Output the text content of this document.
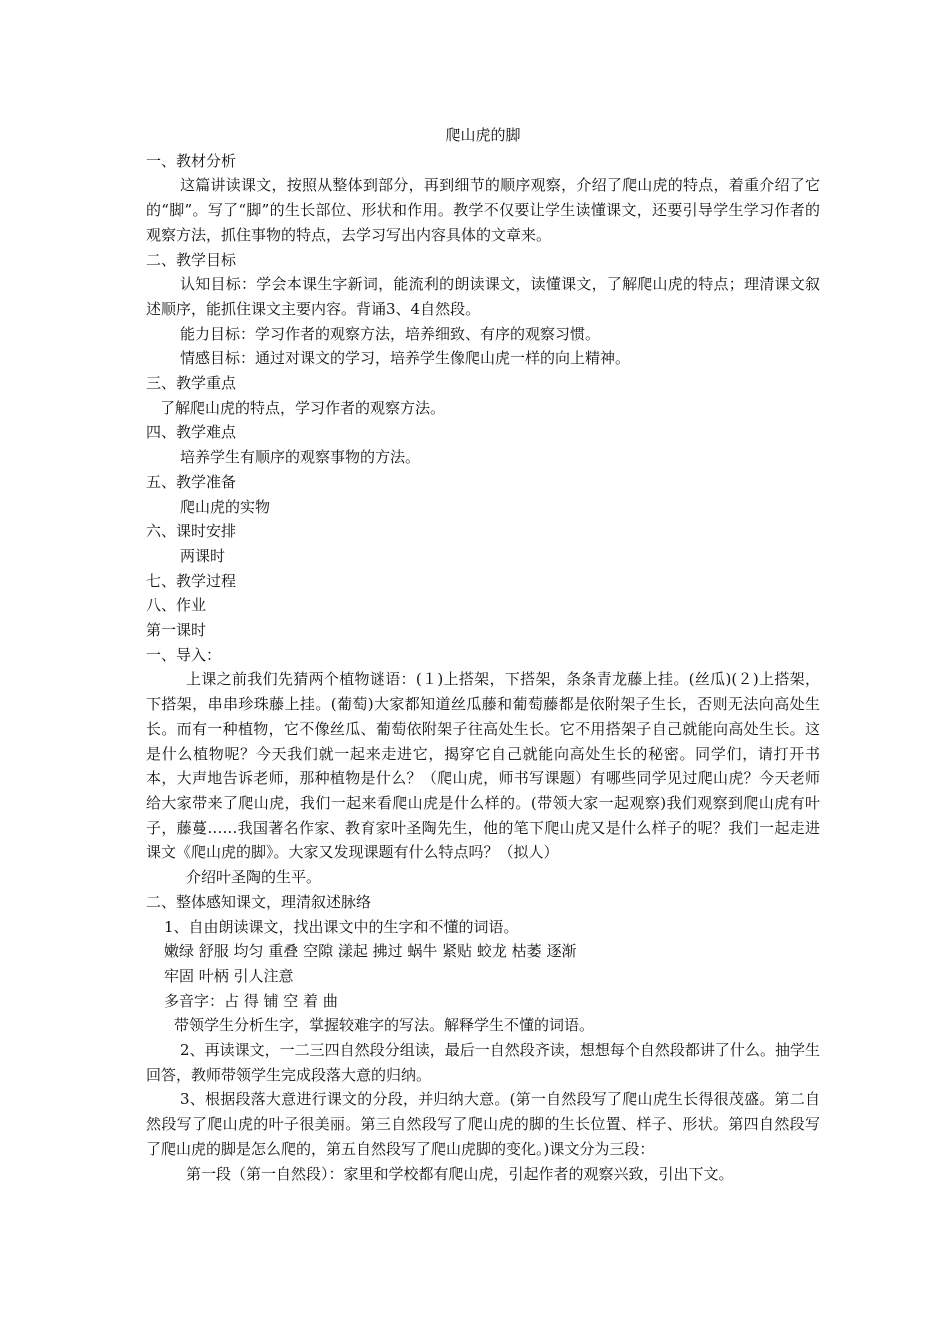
爬山虎的脚

一、教材分析

这篇讲读课文，按照从整体到部分，再到细节的顺序观察，介绍了爬山虎的特点，着重介绍了它的“脚”。写了“脚”的生长部位、形状和作用。教学不仅要让学生读懂课文，还要引导学生学习作者的观察方法，抓住事物的特点，去学习写出内容具体的文章来。

二、教学目标

认知目标：学会本课生字新词，能流利的朗读课文，读懂课文，了解爬山虎的特点；理清课文叙述顺序，能抓住课文主要内容。背诵3、4自然段。

能力目标：学习作者的观察方法，培养细致、有序的观察习惯。

情感目标：通过对课文的学习，培养学生像爬山虎一样的向上精神。

三、教学重点

了解爬山虎的特点，学习作者的观察方法。

四、教学难点

培养学生有顺序的观察事物的方法。

五、教学准备

爬山虎的实物

六、课时安排

两课时

七、教学过程

八、作业

第一课时

一、导入：

上课之前我们先猜两个植物谜语：(１)上搭架，下搭架，条条青龙藤上挂。(丝瓜)(２)上搭架，下搭架，串串珍珠藤上挂。(葡萄)大家都知道丝瓜藤和葡萄藤都是依附架子生长，否则无法向高处生长。而有一种植物，它不像丝瓜、葡萄依附架子往高处生长。它不用搭架子自己就能向高处生长。这是什么植物呢？今天我们就一起来走进它，揭穿它自己就能向高处生长的秘密。同学们，请打开书本，大声地告诉老师，那种植物是什么？（爬山虎，师书写课题）有哪些同学见过爬山虎？今天老师给大家带来了爬山虎，我们一起来看爬山虎是什么样的。(带领大家一起观察)我们观察到爬山虎有叶子，藤蔓……我国著名作家、教育家叶圣陶先生，他的笔下爬山虎又是什么样子的呢？我们一起走进课文《爬山虎的脚》。大家又发现课题有什么特点吗？（拟人）

介绍叶圣陶的生平。

二、整体感知课文，理清叙述脉络

1、自由朗读课文，找出课文中的生字和不懂的词语。

嫩绿 舒服 均匀 重叠 空隙 漾起 拂过 蜗牛 紧贴 蛟龙 枯萎 逐渐

牢固 叶柄 引人注意

多音字：占 得 铺 空 着 曲

带领学生分析生字，掌握较难字的写法。解释学生不懂的词语。

2、再读课文，一二三四自然段分组读，最后一自然段齐读，想想每个自然段都讲了什么。抽学生回答，教师带领学生完成段落大意的归纳。

3、根据段落大意进行课文的分段，并归纳大意。(第一自然段写了爬山虎生长得很茂盛。第二自然段写了爬山虎的叶子很美丽。第三自然段写了爬山虎的脚的生长位置、样子、形状。第四自然段写了爬山虎的脚是怎么爬的，第五自然段写了爬山虎脚的变化。)课文分为三段：

第一段（第一自然段）：家里和学校都有爬山虎，引起作者的观察兴致，引出下文。
